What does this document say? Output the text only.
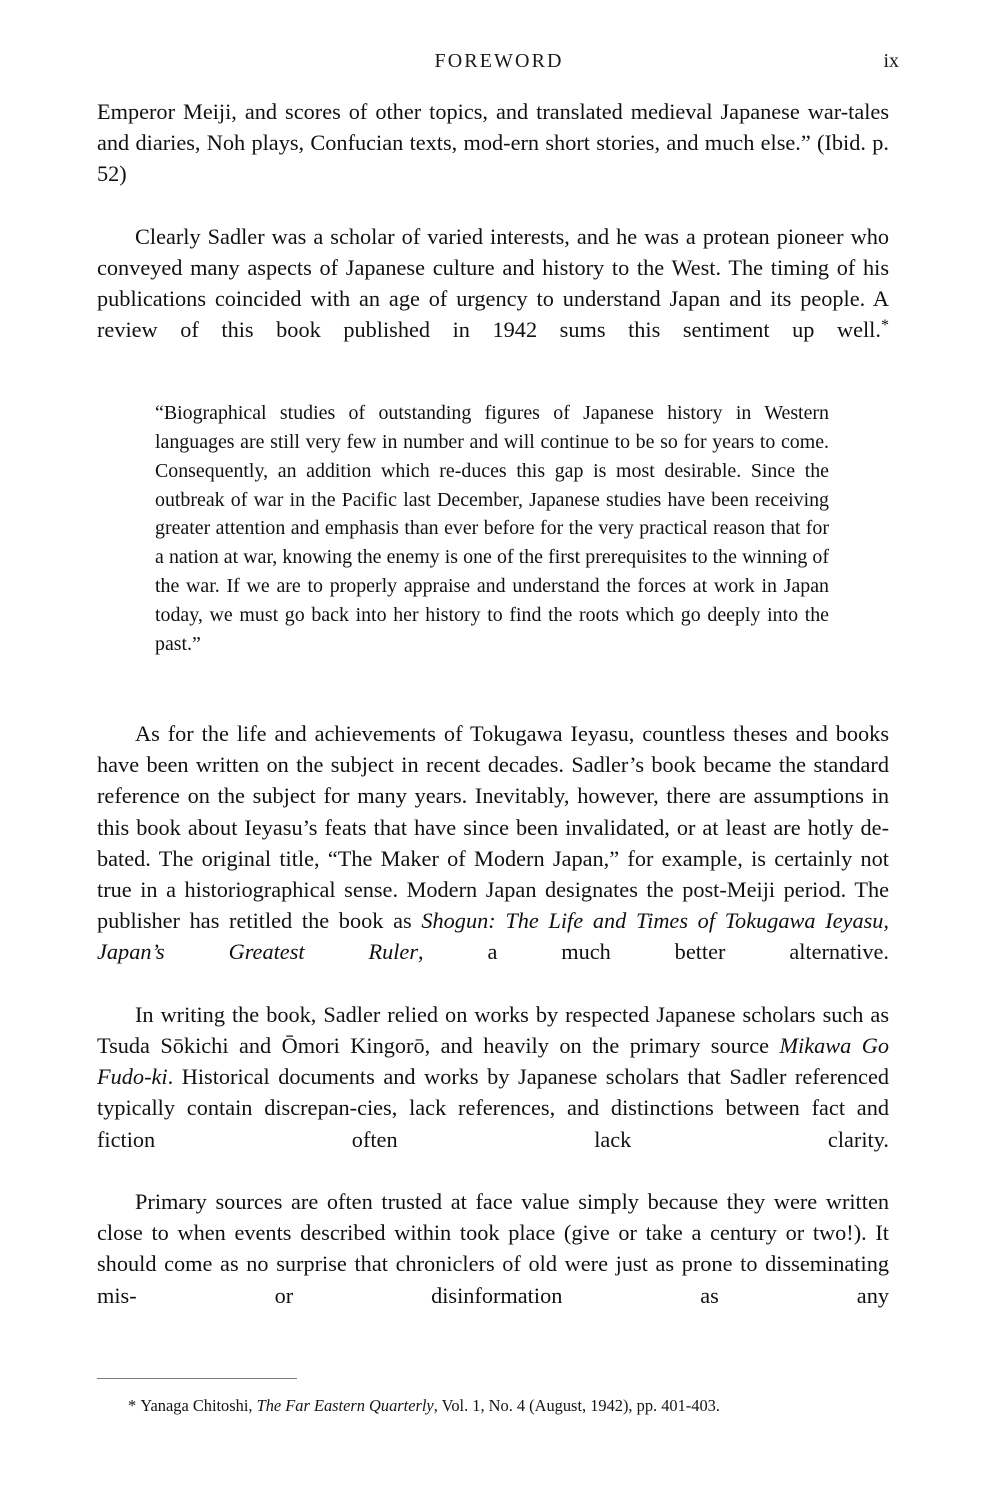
FOREWORD	ix

Emperor Meiji, and scores of other topics, and translated medieval Japanese war-tales and diaries, Noh plays, Confucian texts, mod-ern short stories, and much else.” (Ibid. p. 52)

Clearly Sadler was a scholar of varied interests, and he was a protean pioneer who conveyed many aspects of Japanese culture and history to the West. The timing of his publications coincided with an age of urgency to understand Japan and its people. A review of this book published in 1942 sums this sentiment up well.*

“Biographical studies of outstanding figures of Japanese history in Western languages are still very few in number and will continue to be so for years to come. Consequently, an addition which re-duces this gap is most desirable. Since the outbreak of war in the Pacific last December, Japanese studies have been receiving greater attention and emphasis than ever before for the very practical reason that for a nation at war, knowing the enemy is one of the first prerequisites to the winning of the war. If we are to properly appraise and understand the forces at work in Japan today, we must go back into her history to find the roots which go deeply into the past.”

As for the life and achievements of Tokugawa Ieyasu, countless theses and books have been written on the subject in recent decades. Sadler’s book became the standard reference on the subject for many years. Inevitably, however, there are assumptions in this book about Ieyasu’s feats that have since been invalidated, or at least are hotly de-bated. The original title, “The Maker of Modern Japan,” for example, is certainly not true in a historiographical sense. Modern Japan designates the post-Meiji period. The publisher has retitled the book as Shogun: The Life and Times of Tokugawa Ieyasu, Japan’s Greatest Ruler, a much better alternative.

In writing the book, Sadler relied on works by respected Japanese scholars such as Tsuda Sōkichi and Ōmori Kingorō, and heavily on the primary source Mikawa Go Fudo-ki. Historical documents and works by Japanese scholars that Sadler referenced typically contain discrepan-cies, lack references, and distinctions between fact and fiction often lack clarity.

Primary sources are often trusted at face value simply because they were written close to when events described within took place (give or take a century or two!). It should come as no surprise that chroniclers of old were just as prone to disseminating mis- or disinformation as any

* Yanaga Chitoshi, The Far Eastern Quarterly, Vol. 1, No. 4 (August, 1942), pp. 401-403.
